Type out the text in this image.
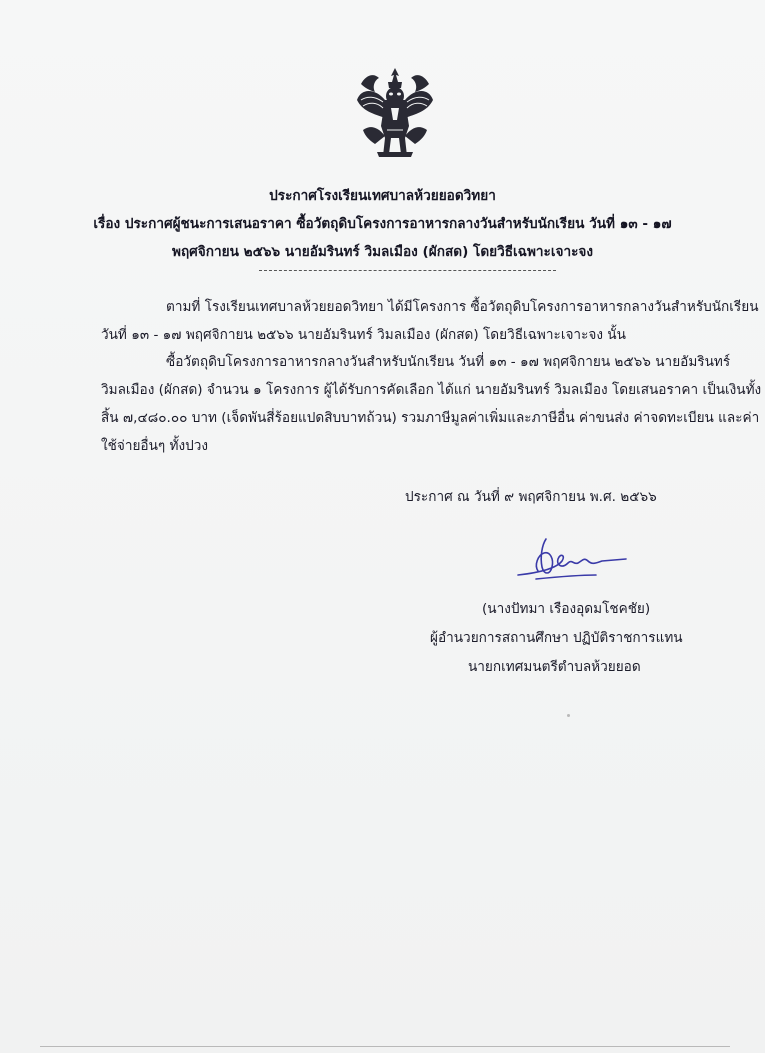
ประกาศโรงเรียนเทศบาลห้วยยอดวิทยา
เรื่อง ประกาศผู้ชนะการเสนอราคา ซื้อวัตถุดิบโครงการอาหารกลางวันสำหรับนักเรียน วันที่ ๑๓ - ๑๗
พฤศจิกายน ๒๕๖๖ นายอัมรินทร์ วิมลเมือง (ผักสด) โดยวิธีเฉพาะเจาะจง
ตามที่ โรงเรียนเทศบาลห้วยยอดวิทยา ได้มีโครงการ ซื้อวัตถุดิบโครงการอาหารกลางวันสำหรับนักเรียน
วันที่ ๑๓ - ๑๗ พฤศจิกายน ๒๕๖๖ นายอัมรินทร์ วิมลเมือง (ผักสด) โดยวิธีเฉพาะเจาะจง นั้น
ซื้อวัตถุดิบโครงการอาหารกลางวันสำหรับนักเรียน วันที่ ๑๓ - ๑๗ พฤศจิกายน ๒๕๖๖ นายอัมรินทร์
วิมลเมือง (ผักสด) จำนวน ๑ โครงการ ผู้ได้รับการคัดเลือก ได้แก่ นายอัมรินทร์ วิมลเมือง โดยเสนอราคา เป็นเงินทั้ง
สิ้น ๗,๔๘๐.๐๐ บาท (เจ็ดพันสี่ร้อยแปดสิบบาทถ้วน) รวมภาษีมูลค่าเพิ่มและภาษีอื่น ค่าขนส่ง ค่าจดทะเบียน และค่า
ใช้จ่ายอื่นๆ ทั้งปวง
ประกาศ ณ วันที่ ๙ พฤศจิกายน พ.ศ. ๒๕๖๖
(นางปัทมา เรืองอุดมโชคชัย)
ผู้อำนวยการสถานศึกษา ปฏิบัติราชการแทน
นายกเทศมนตรีตำบลห้วยยอด
